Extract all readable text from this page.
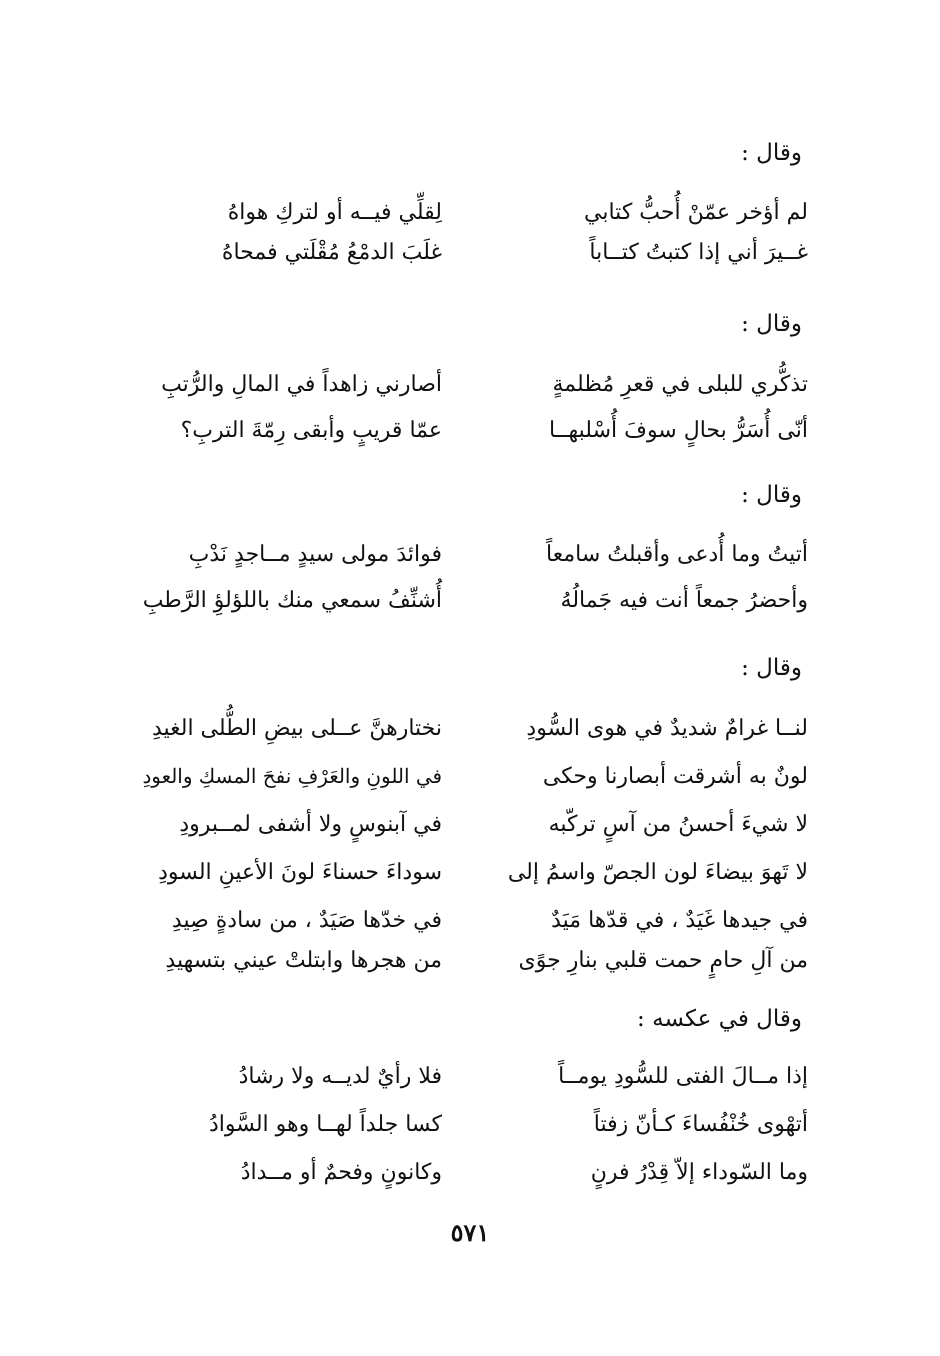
وقال :
لم أؤخر عمّنْ أُحبُّ كتابي
لِقلِّي فيــه أو لتركِ هواهُ
غــيرَ أني إذا كتبتُ كتــاباً
غلَبَ الدمْعُ مُقْلَتي فمحاهُ
وقال :
تذكُّري للبلى في قعرِ مُظلمةٍ
أصارني زاهداً في المالِ والرُّتبِ
أنّى أُسَرُّ بحالٍ سوفَ أُسْلبهــا
عمّا قريبٍ وأبقى رِمّةَ التربِ؟
وقال :
أتيتُ وما أُدعى وأقبلتُ سامعاً
فوائدَ مولى سيدٍ مــاجدٍ نَدْبِ
وأحضرُ جمعاً أنت فيه جَمالُهُ
أُشنِّفُ سمعي منك باللؤلؤِ الرَّطبِ
وقال :
لنــا غرامٌ شديدٌ في هوى السُّودِ
نختارهنَّ عــلى بيضِ الطُّلى الغيدِ
لونٌ به أشرقت أبصارنا وحكى
في اللونِ والعَرْفِ نفحَ المسكِ والعودِ
لا شيءَ أحسنُ من آسٍ تركّبه
في آبنوسٍ ولا أشفى لمــبرودِ
لا تَهوَ بيضاءَ لون الجصّ واسمُ إلى
سوداءَ حسناءَ لونَ الأعينِ السودِ
في جيدها غَيَدٌ ، في قدّها مَيَدٌ
في خدّها صَيَدٌ ، من سادةٍ صِيدِ
من آلِ حامٍ حمت قلبي بنارِ جوًى
من هجرها وابتلتْ عيني بتسهيدِ
وقال في عكسه :
إذا مــالَ الفتى للسُّودِ يومــاً
فلا رأيٌ لديــه ولا رشادُ
أتهْوى خُنْفُساءَ كـأنّ زفتاً
كسا جلداً لهــا وهو السَّوادُ
وما السّوداء إلاّ قِدْرُ فرنٍ
وكانونٍ وفحمٌ أو مــدادُ
٥٧١
